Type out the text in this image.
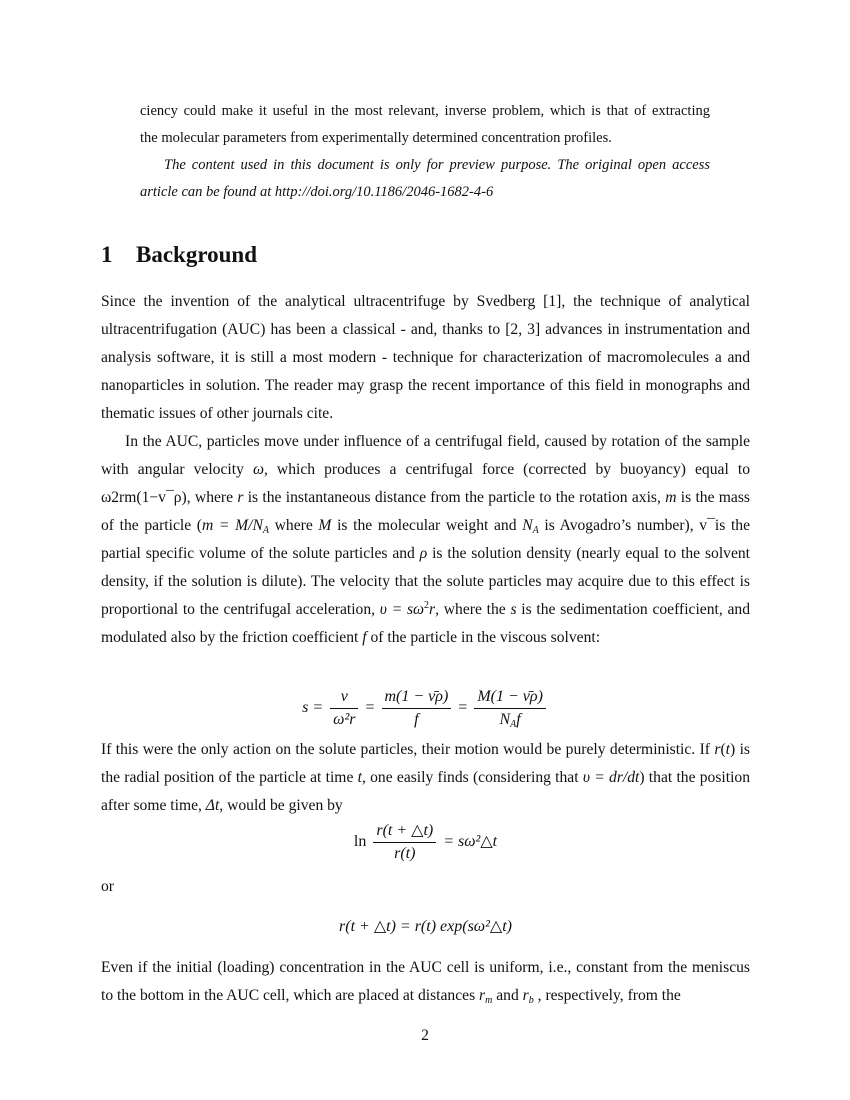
ciency could make it useful in the most relevant, inverse problem, which is that of extracting
the molecular parameters from experimentally determined concentration profiles.
The content used in this document is only for preview purpose. The original open access article can be found at http://doi.org/10.1186/2046-1682-4-6
1 Background
Since the invention of the analytical ultracentrifuge by Svedberg [1], the technique of analytical ultracentrifugation (AUC) has been a classical - and, thanks to [2, 3] advances in instrumentation and analysis software, it is still a most modern - technique for characterization of macromolecules a and nanoparticles in solution. The reader may grasp the recent importance of this field in monographs and thematic issues of other journals cite.
In the AUC, particles move under influence of a centrifugal field, caused by rotation of the sample with angular velocity ω, which produces a centrifugal force (corrected by buoyancy) equal to ω2rm(1−v¯ρ), where r is the instantaneous distance from the particle to the rotation axis, m is the mass of the particle ($m = M/N_A$ where M is the molecular weight and $N_A$ is Avogadro’s number), v¯is the partial specific volume of the solute particles and ρ is the solution density (nearly equal to the solvent density, if the solution is dilute). The velocity that the solute particles may acquire due to this effect is proportional to the centrifugal acceleration, $\upsilon = s\omega^2r$, where the s is the sedimentation coefficient, and modulated also by the friction coefficient f of the particle in the viscous solvent:
$s = \frac{\nu}{\text{ω²r}} = \frac{m(1 - \nū\rho)}{f} = \frac{M(1 - \nū\rho)}{N_Af}$
If this were the only action on the solute particles, their motion would be purely deterministic. If r(t) is the radial position of the particle at time t, one easily finds (considering that υ = dr/dt) that the position after some time, Δt, would be given by
$\ln \frac{r(t + \triangle t)}{r(t)}$ = sω²△t
or
r(t + △t) = r(t) exp(sω²△t)
Even if the initial (loading) concentration in the AUC cell is uniform, i.e., constant from the meniscus to the bottom in the AUC cell, which are placed at distances $r_m$ and $r_b$ , respectively, from the
2
